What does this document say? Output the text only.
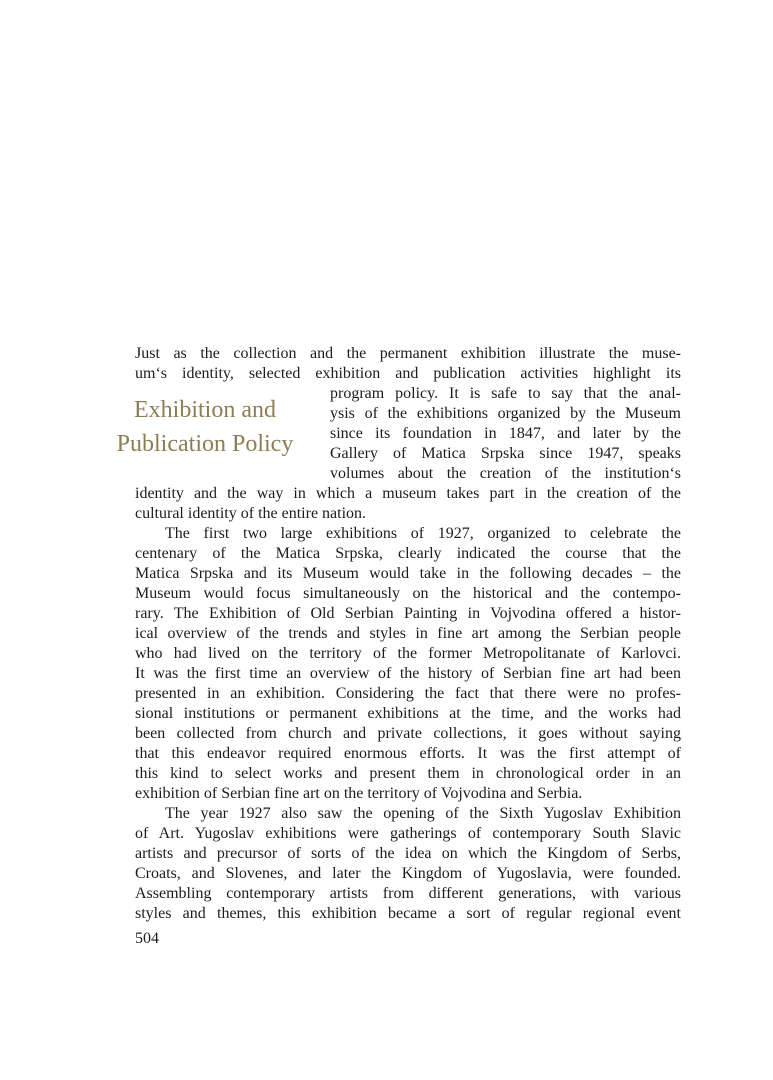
Exhibition and
Publication Policy
Just as the collection and the permanent exhibition illustrate the muse-
um‘s identity, selected exhibition and publication activities highlight its
program policy. It is safe to say that the anal-
ysis of the exhibitions organized by the Museum
since its foundation in 1847, and later by the
Gallery of Matica Srpska since 1947, speaks
volumes about the creation of the institution‘s
identity and the way in which a museum takes part in the creation of the
cultural identity of the entire nation.
The first two large exhibitions of 1927, organized to celebrate the
centenary of the Matica Srpska, clearly indicated the course that the
Matica Srpska and its Museum would take in the following decades – the
Museum would focus simultaneously on the historical and the contempo-
rary. The Exhibition of Old Serbian Painting in Vojvodina offered a histor-
ical overview of the trends and styles in fine art among the Serbian people
who had lived on the territory of the former Metropolitanate of Karlovci.
It was the first time an overview of the history of Serbian fine art had been
presented in an exhibition. Considering the fact that there were no profes-
sional institutions or permanent exhibitions at the time, and the works had
been collected from church and private collections, it goes without saying
that this endeavor required enormous efforts. It was the first attempt of
this kind to select works and present them in chronological order in an
exhibition of Serbian fine art on the territory of Vojvodina and Serbia.
The year 1927 also saw the opening of the Sixth Yugoslav Exhibition
of Art. Yugoslav exhibitions were gatherings of contemporary South Slavic
artists and precursor of sorts of the idea on which the Kingdom of Serbs,
Croats, and Slovenes, and later the Kingdom of Yugoslavia, were founded.
Assembling contemporary artists from different generations, with various
styles and themes, this exhibition became a sort of regular regional event
504
